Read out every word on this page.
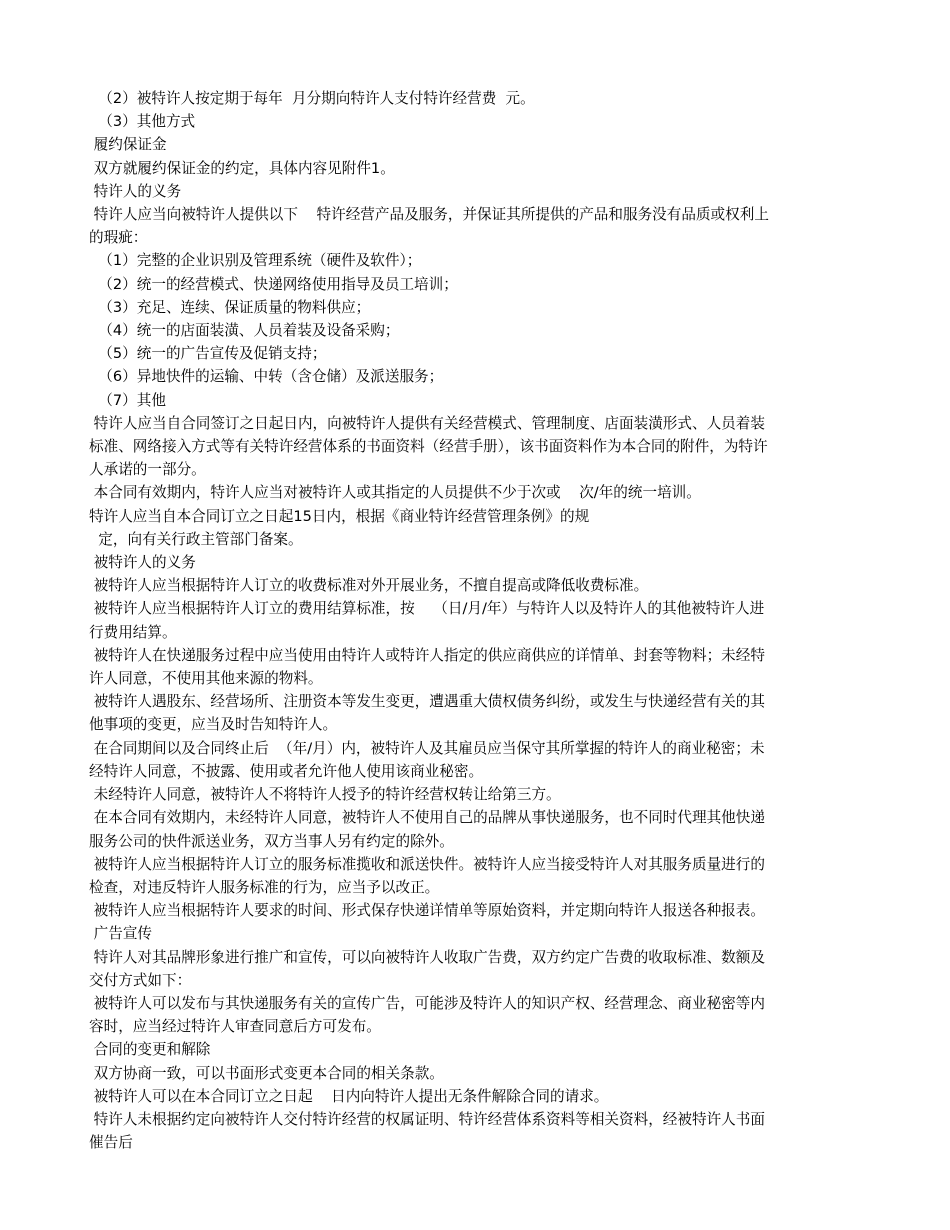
（2）被特许人按定期于每年  月分期向特许人支付特许经营费  元。

（3）其他方式

履约保证金

双方就履约保证金的约定，具体内容见附件1。

特许人的义务

特许人应当向被特许人提供以下    特许经营产品及服务，并保证其所提供的产品和服务没有品质或权利上

的瑕疵：

（1）完整的企业识别及管理系统（硬件及软件）；

（2）统一的经营模式、快递网络使用指导及员工培训；

（3）充足、连续、保证质量的物料供应；

（4）统一的店面装潢、人员着装及设备采购；

（5）统一的广告宣传及促销支持；

（6）异地快件的运输、中转（含仓储）及派送服务；

（7）其他

特许人应当自合同签订之日起日内，向被特许人提供有关经营模式、管理制度、店面装潢形式、人员着装

标准、网络接入方式等有关特许经营体系的书面资料（经营手册），该书面资料作为本合同的附件，为特许

人承诺的一部分。

本合同有效期内，特许人应当对被特许人或其指定的人员提供不少于次或    次/年的统一培训。

特许人应当自本合同订立之日起15日内，根据《商业特许经营管理条例》的规

定，向有关行政主管部门备案。

被特许人的义务

被特许人应当根据特许人订立的收费标准对外开展业务，不擅自提高或降低收费标准。

被特许人应当根据特许人订立的费用结算标准，按    （日/月/年）与特许人以及特许人的其他被特许人进

行费用结算。

被特许人在快递服务过程中应当使用由特许人或特许人指定的供应商供应的详情单、封套等物料；未经特

许人同意，不使用其他来源的物料。

被特许人遇股东、经营场所、注册资本等发生变更，遭遇重大债权债务纠纷，或发生与快递经营有关的其

他事项的变更，应当及时告知特许人。

在合同期间以及合同终止后  （年/月）内，被特许人及其雇员应当保守其所掌握的特许人的商业秘密；未

经特许人同意，不披露、使用或者允许他人使用该商业秘密。

未经特许人同意，被特许人不将特许人授予的特许经营权转让给第三方。

在本合同有效期内，未经特许人同意，被特许人不使用自己的品牌从事快递服务，也不同时代理其他快递

服务公司的快件派送业务，双方当事人另有约定的除外。

被特许人应当根据特许人订立的服务标准揽收和派送快件。被特许人应当接受特许人对其服务质量进行的

检查，对违反特许人服务标准的行为，应当予以改正。

被特许人应当根据特许人要求的时间、形式保存快递详情单等原始资料，并定期向特许人报送各种报表。

广告宣传

特许人对其品牌形象进行推广和宣传，可以向被特许人收取广告费，双方约定广告费的收取标准、数额及

交付方式如下：

被特许人可以发布与其快递服务有关的宣传广告，可能涉及特许人的知识产权、经营理念、商业秘密等内

容时，应当经过特许人审查同意后方可发布。

合同的变更和解除

双方协商一致，可以书面形式变更本合同的相关条款。

被特许人可以在本合同订立之日起    日内向特许人提出无条件解除合同的请求。

特许人未根据约定向被特许人交付特许经营的权属证明、特许经营体系资料等相关资料，经被特许人书面

催告后
